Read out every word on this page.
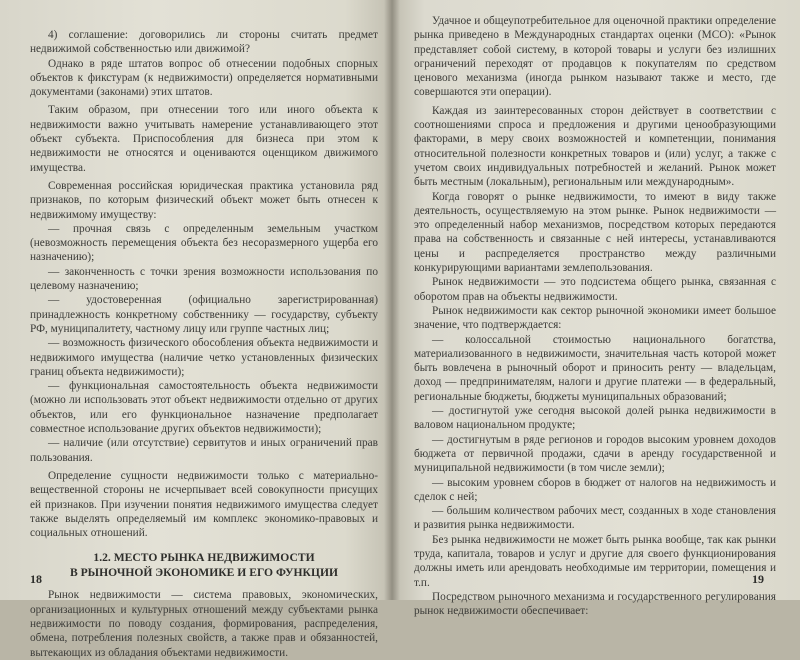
4) соглашение: договорились ли стороны считать предмет недвижимой собственностью или движимой?

Однако в ряде штатов вопрос об отнесении подобных спорных объектов к фикстурам (к недвижимости) определяется нормативными документами (законами) этих штатов.

Таким образом, при отнесении того или иного объекта к недвижимости важно учитывать намерение устанавливающего этот объект субъекта. Приспособления для бизнеса при этом к недвижимости не относятся и оцениваются оценщиком движимого имущества.

Современная российская юридическая практика установила ряд признаков, по которым физический объект может быть отнесен к недвижимому имуществу:

— прочная связь с определенным земельным участком (невозможность перемещения объекта без несоразмерного ущерба его назначению);

— законченность с точки зрения возможности использования по целевому назначению;

— удостоверенная (официально зарегистрированная) принадлежность конкретному собственнику — государству, субъекту РФ, муниципалитету, частному лицу или группе частных лиц;

— возможность физического обособления объекта недвижимости и недвижимого имущества (наличие четко установленных физических границ объекта недвижимости);

— функциональная самостоятельность объекта недвижимости (можно ли использовать этот объект недвижимости отдельно от других объектов, или его функциональное назначение предполагает совместное использование других объектов недвижимости);

— наличие (или отсутствие) сервитутов и иных ограничений прав пользования.

Определение сущности недвижимости только с материально-вещественной стороны не исчерпывает всей совокупности присущих ей признаков. При изучении понятия недвижимого имущества следует также выделять определяемый им комплекс экономико-правовых и социальных отношений.

1.2. МЕСТО РЫНКА НЕДВИЖИМОСТИ
В РЫНОЧНОЙ ЭКОНОМИКЕ И ЕГО ФУНКЦИИ

Рынок недвижимости — система правовых, экономических, организационных и культурных отношений между субъектами рынка недвижимости по поводу создания, формирования, распределения, обмена, потребления полезных свойств, а также прав и обязанностей, вытекающих из обладания объектами недвижимости.

18

Удачное и общеупотребительное для оценочной практики определение рынка приведено в Международных стандартах оценки (МСО): «Рынок представляет собой систему, в которой товары и услуги без излишних ограничений переходят от продавцов к покупателям по средством ценового механизма (иногда рынком называют также и место, где совершаются эти операции).

Каждая из заинтересованных сторон действует в соответствии с соотношениями спроса и предложения и другими ценообразующими факторами, в меру своих возможностей и компетенции, понимания относительной полезности конкретных товаров и (или) услуг, а также с учетом своих индивидуальных потребностей и желаний. Рынок может быть местным (локальным), региональным или международным».

Когда говорят о рынке недвижимости, то имеют в виду также деятельность, осуществляемую на этом рынке. Рынок недвижимости — это определенный набор механизмов, посредством которых передаются права на собственность и связанные с ней интересы, устанавливаются цены и распределяется пространство между различными конкурирующими вариантами землепользования.

Рынок недвижимости — это подсистема общего рынка, связанная с оборотом прав на объекты недвижимости.

Рынок недвижимости как сектор рыночной экономики имеет большое значение, что подтверждается:

— колоссальной стоимостью национального богатства, материализованного в недвижимости, значительная часть которой может быть вовлечена в рыночный оборот и приносить ренту — владельцам, доход — предпринимателям, налоги и другие платежи — в федеральный, региональные бюджеты, бюджеты муниципальных образований;

— достигнутой уже сегодня высокой долей рынка недвижимости в валовом национальном продукте;

— достигнутым в ряде регионов и городов высоким уровнем доходов бюджета от первичной продажи, сдачи в аренду государственной и муниципальной недвижимости (в том числе земли);

— высоким уровнем сборов в бюджет от налогов на недвижимость и сделок с ней;

— большим количеством рабочих мест, созданных в ходе становления и развития рынка недвижимости.

Без рынка недвижимости не может быть рынка вообще, так как рынки труда, капитала, товаров и услуг и другие для своего функционирования должны иметь или арендовать необходимые им территории, помещения и т.п.

Посредством рыночного механизма и государственного регулирования рынок недвижимости обеспечивает:

19
